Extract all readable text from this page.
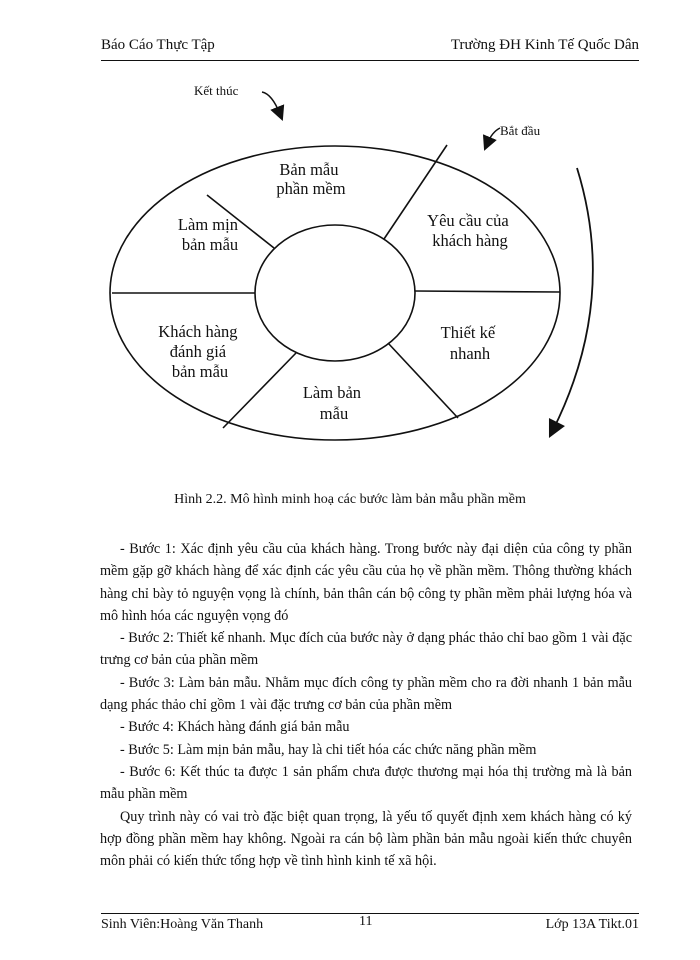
Báo Cáo Thực Tập	Trường ĐH Kinh Tế Quốc Dân
Bản mẫu phần mềm
Yêu cầu của khách hàng
Thiết kế nhanh
Làm bản mẫu
Khách hàng đánh giá bản mẫu
Làm mịn bản mẫu
Kết thúc
Bắt đầu
Hình 2.2. Mô hình minh hoạ các bước làm bản mẫu phần mềm

- Bước 1: Xác định yêu cầu của khách hàng. Trong bước này đại diện của công ty phần mềm gặp gỡ khách hàng để xác định các yêu cầu của họ về phần mềm. Thông thường khách hàng chỉ bày tỏ nguyện vọng là chính, bản thân cán bộ công ty phần mềm phải lượng hóa và mô hình hóa các nguyện vọng đó

- Bước 2: Thiết kế nhanh. Mục đích của bước này ở dạng phác thảo chỉ bao gồm 1 vài đặc trưng cơ bản của phần mềm

- Bước 3: Làm bản mẫu. Nhằm mục đích công ty phần mềm cho ra đời nhanh 1 bản mẫu dạng phác thảo chỉ gồm 1 vài đặc trưng cơ bản của phần mềm

- Bước 4: Khách hàng đánh giá bản mẫu

- Bước 5: Làm mịn bản mẫu, hay là chi tiết hóa các chức năng phần mềm

- Bước 6: Kết thúc ta được 1 sản phẩm chưa được thương mại hóa thị trường mà là bản mẫu phần mềm

Quy trình này có vai trò đặc biệt quan trọng, là yếu tố quyết định xem khách hàng có ký hợp đồng phần mềm hay không. Ngoài ra cán bộ làm phần bản mẫu ngoài kiến thức chuyên môn phải có kiến thức tổng hợp về tình hình kinh tế xã hội.

Sinh Viên:Hoàng Văn Thanh	11	Lớp 13A Tikt.01
